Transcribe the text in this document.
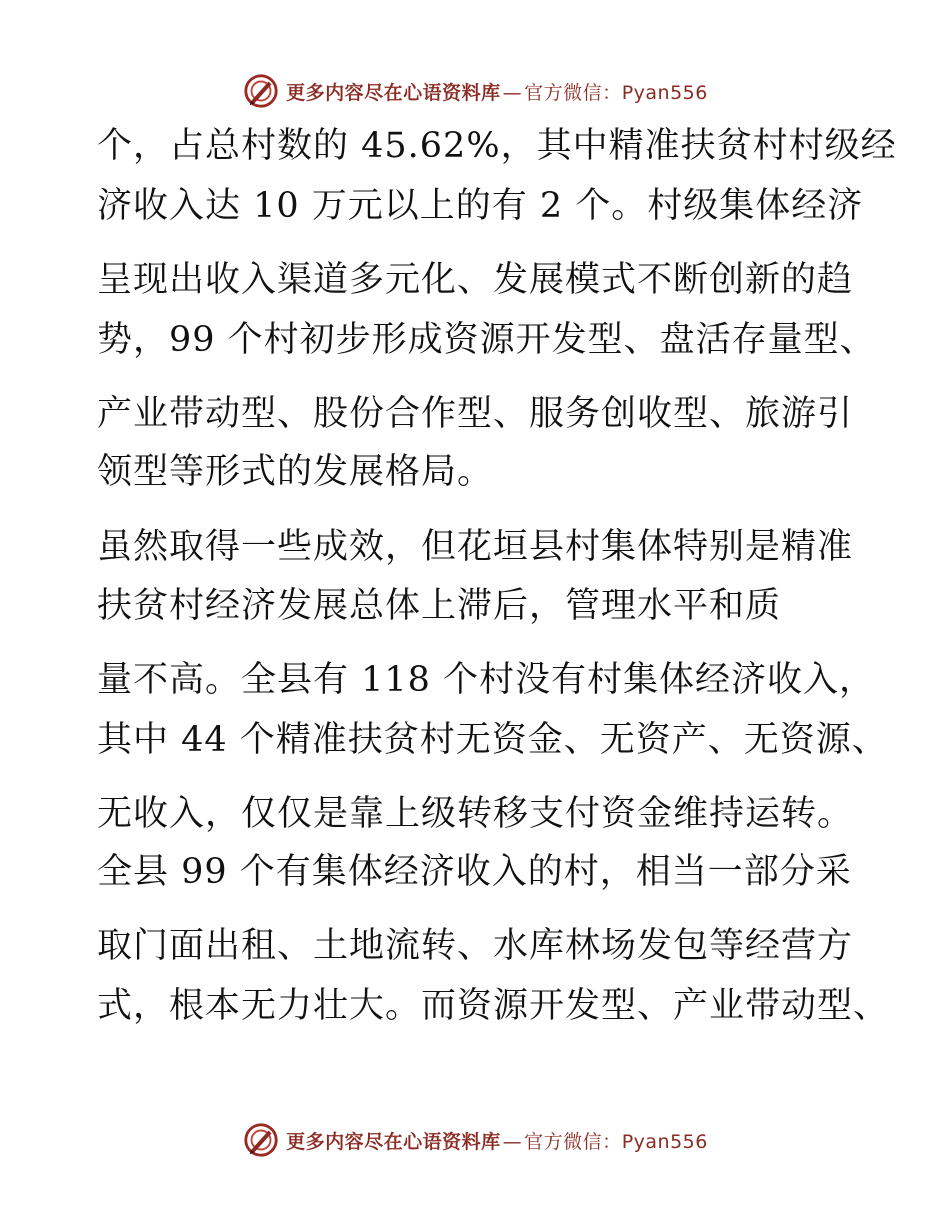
更多内容尽在心语资料库 — 官方微信：Pyan556
个，占总村数的 45.62%，其中精准扶贫村村级经
济收入达 10 万元以上的有 2 个。村级集体经济
呈现出收入渠道多元化、发展模式不断创新的趋
势，99 个村初步形成资源开发型、盘活存量型、
产业带动型、股份合作型、服务创收型、旅游引
领型等形式的发展格局。
虽然取得一些成效，但花垣县村集体特别是精准
扶贫村经济发展总体上滞后，管理水平和质
量不高。全县有 118 个村没有村集体经济收入，
其中 44 个精准扶贫村无资金、无资产、无资源、
无收入，仅仅是靠上级转移支付资金维持运转。
全县 99 个有集体经济收入的村，相当一部分采
取门面出租、土地流转、水库林场发包等经营方
式，根本无力壮大。而资源开发型、产业带动型、
更多内容尽在心语资料库 — 官方微信：Pyan556
